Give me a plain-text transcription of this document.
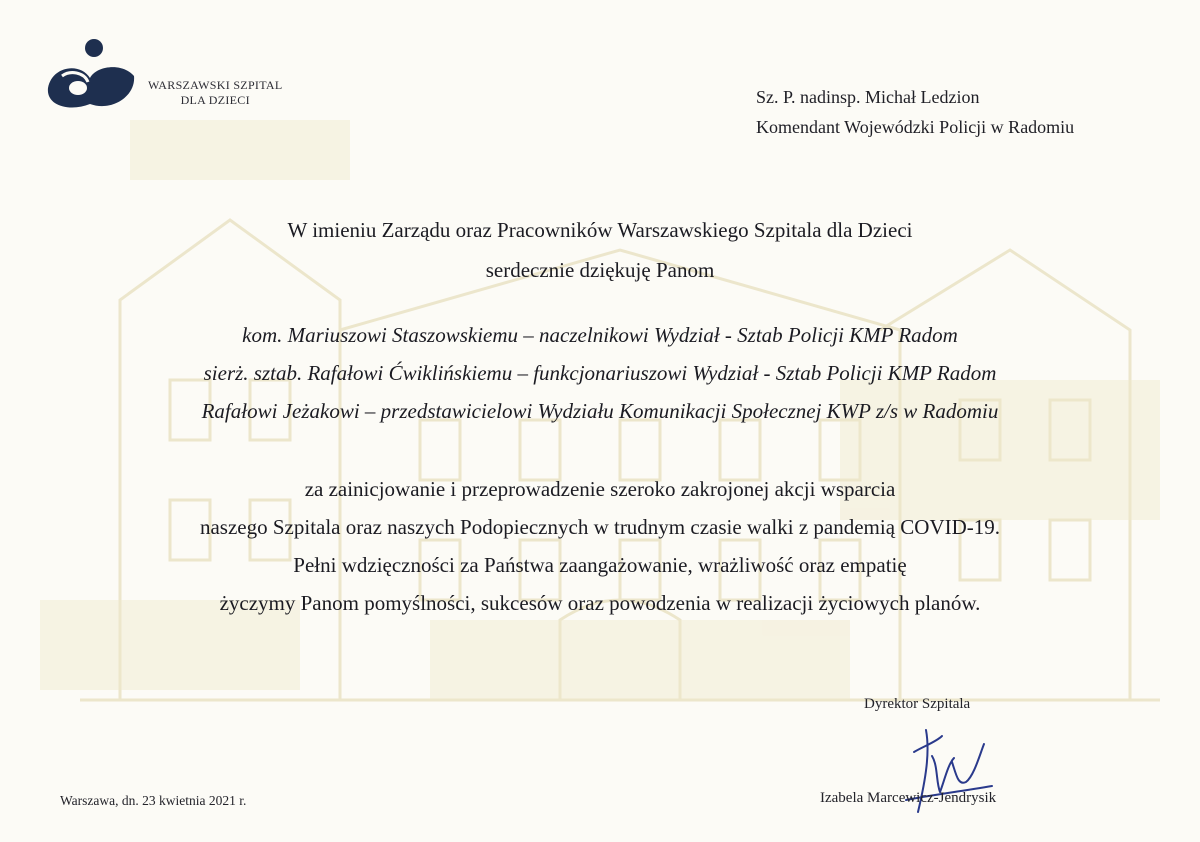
WARSZAWSKI SZPITAL
DLA DZIECI	Sz. P. nadinsp. Michał Ledzion
Komendant Wojewódzki Policji w Radomiu
W imieniu Zarządu oraz Pracowników Warszawskiego Szpitala dla Dzieci
serdecznie dziękuję Panom
kom. Mariuszowi Staszowskiemu – naczelnikowi Wydział - Sztab Policji KMP Radom
sierż. sztab. Rafałowi Ćwiklińskiemu – funkcjonariuszowi Wydział - Sztab Policji KMP Radom
Rafałowi Jeżakowi – przedstawicielowi Wydziału Komunikacji Społecznej KWP z/s w Radomiu
za zainicjowanie i przeprowadzenie szeroko zakrojonej akcji wsparcia
naszego Szpitala oraz naszych Podopiecznych w trudnym czasie walki z pandemią COVID-19.
Pełni wdzięczności za Państwa zaangażowanie, wrażliwość oraz empatię
życzymy Panom pomyślności, sukcesów oraz powodzenia w realizacji życiowych planów.
Dyrektor Szpitala
Izabela Marcewicz-Jendrysik
Warszawa, dn. 23 kwietnia 2021 r.
